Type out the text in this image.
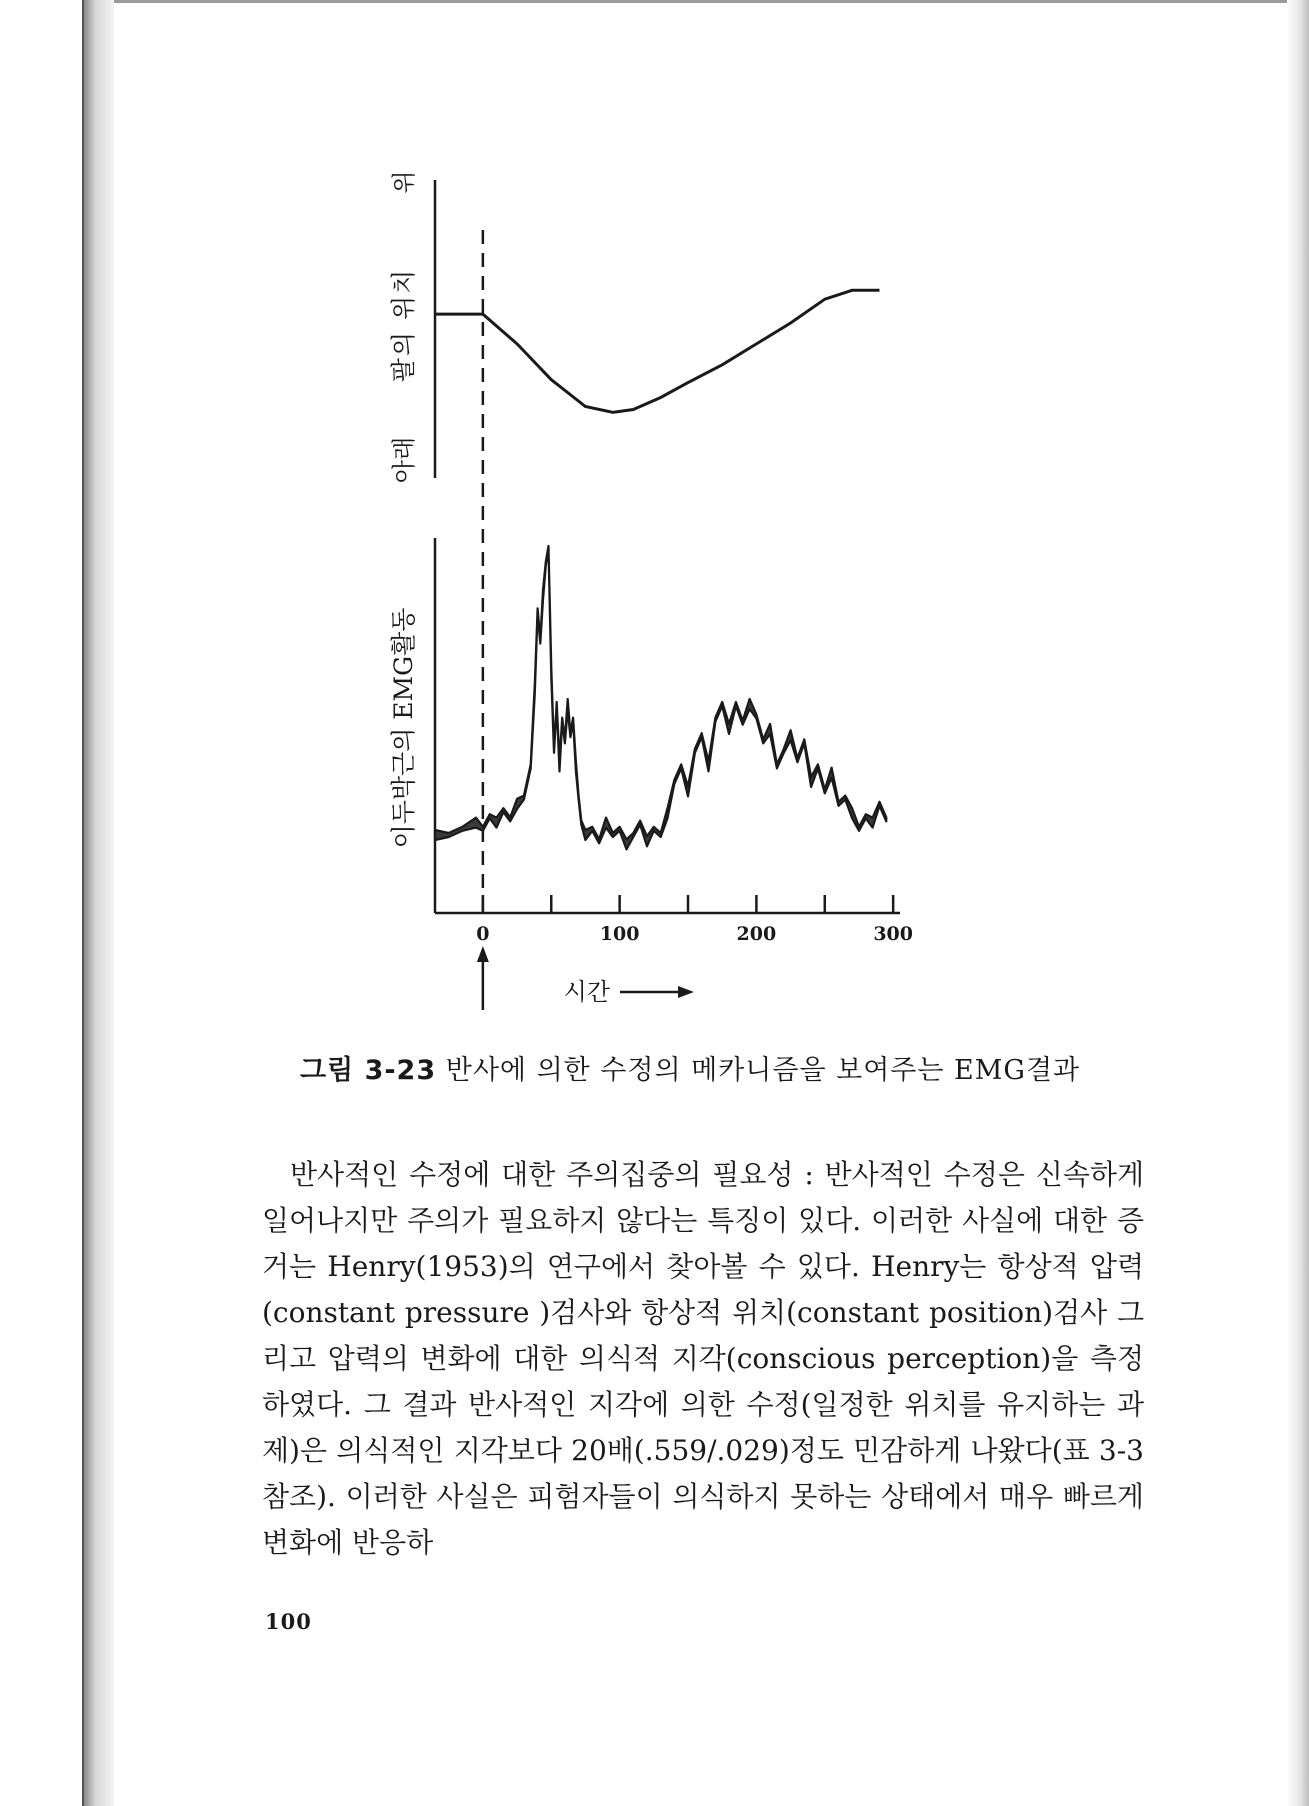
위
팔의 위치
아래
이두박근의 EMG활동
0	100	200	300
시간
그림 3-23 반사에 의한 수정의 메카니즘을 보여주는 EMG결과

반사적인 수정에 대한 주의집중의 필요성 : 반사적인 수정은 신속하게 일어나지만 주의가 필요하지 않다는 특징이 있다. 이러한 사실에 대한 증거는 Henry(1953)의 연구에서 찾아볼 수 있다. Henry는 항상적 압력(constant pressure )검사와 항상적 위치(constant position)검사 그리고 압력의 변화에 대한 의식적 지각(conscious perception)을 측정하였다. 그 결과 반사적인 지각에 의한 수정(일정한 위치를 유지하는 과제)은 의식적인 지각보다 20배(.559/.029)정도 민감하게 나왔다(표 3-3 참조). 이러한 사실은 피험자들이 의식하지 못하는 상태에서 매우 빠르게 변화에 반응하

100
